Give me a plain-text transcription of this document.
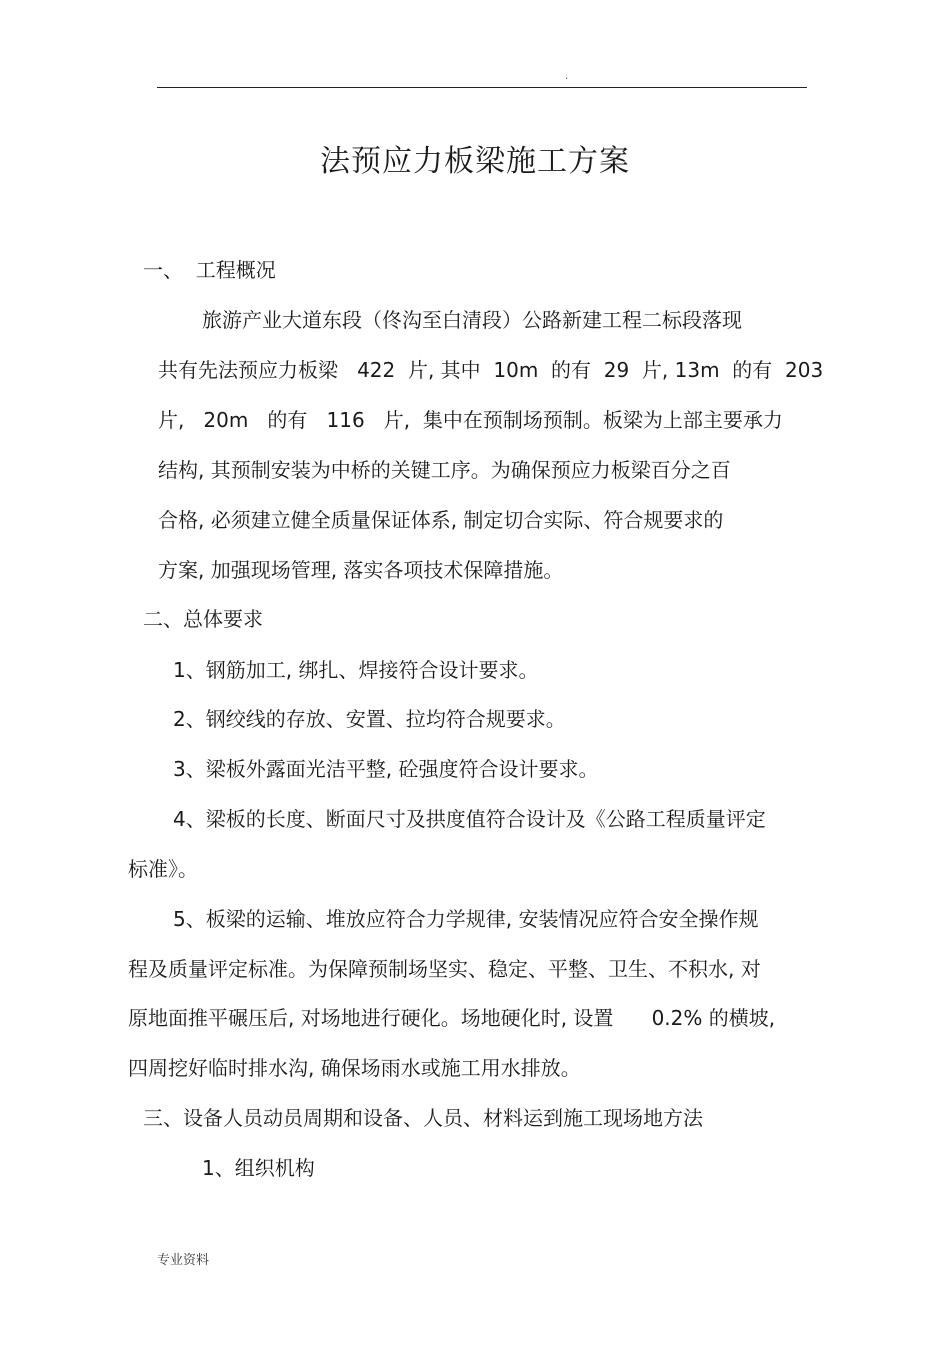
.
法预应力板梁施工方案
一、  工程概况
旅游产业大道东段（佟沟至白清段）公路新建工程二标段落现
共有先法预应力板梁   422  片, 其中  10m  的有  29  片, 13m  的有  203
片,   20m   的有   116   片,  集中在预制场预制。板梁为上部主要承力
结构, 其预制安装为中桥的关键工序。为确保预应力板梁百分之百
合格, 必须建立健全质量保证体系, 制定切合实际、符合规要求的
方案, 加强现场管理, 落实各项技术保障措施。
二、总体要求
1、钢筋加工, 绑扎、焊接符合设计要求。
2、钢绞线的存放、安置、拉均符合规要求。
3、梁板外露面光洁平整, 砼强度符合设计要求。
4、梁板的长度、断面尺寸及拱度值符合设计及《公路工程质量评定
标准》。
5、板梁的运输、堆放应符合力学规律, 安装情况应符合安全操作规
程及质量评定标准。为保障预制场坚实、稳定、平整、卫生、不积水, 对
原地面推平碾压后, 对场地进行硬化。场地硬化时, 设置      0.2% 的横坡,
四周挖好临时排水沟, 确保场雨水或施工用水排放。
三、设备人员动员周期和设备、人员、材料运到施工现场地方法
1、组织机构
专业资料
